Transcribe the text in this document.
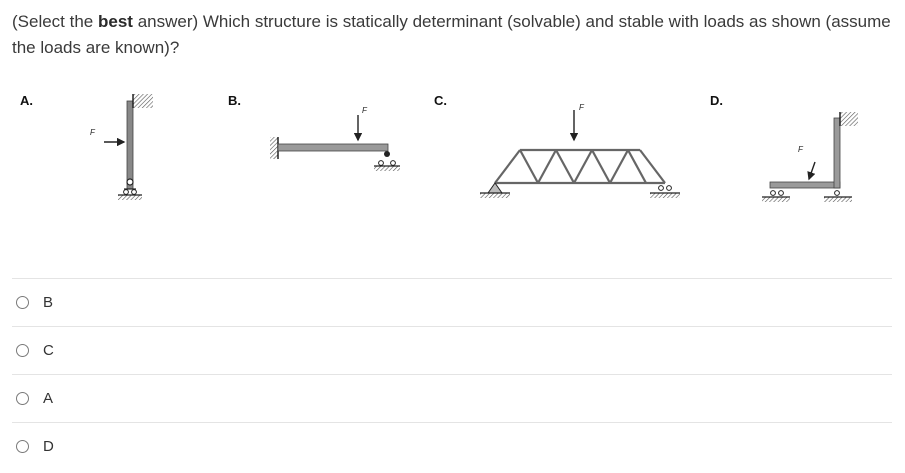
(Select the best answer) Which structure is statically determinant (solvable) and stable with loads as shown (assume the loads are known)?
A.	B.	C.	D.
F
F	F
F
B
C
A
D
